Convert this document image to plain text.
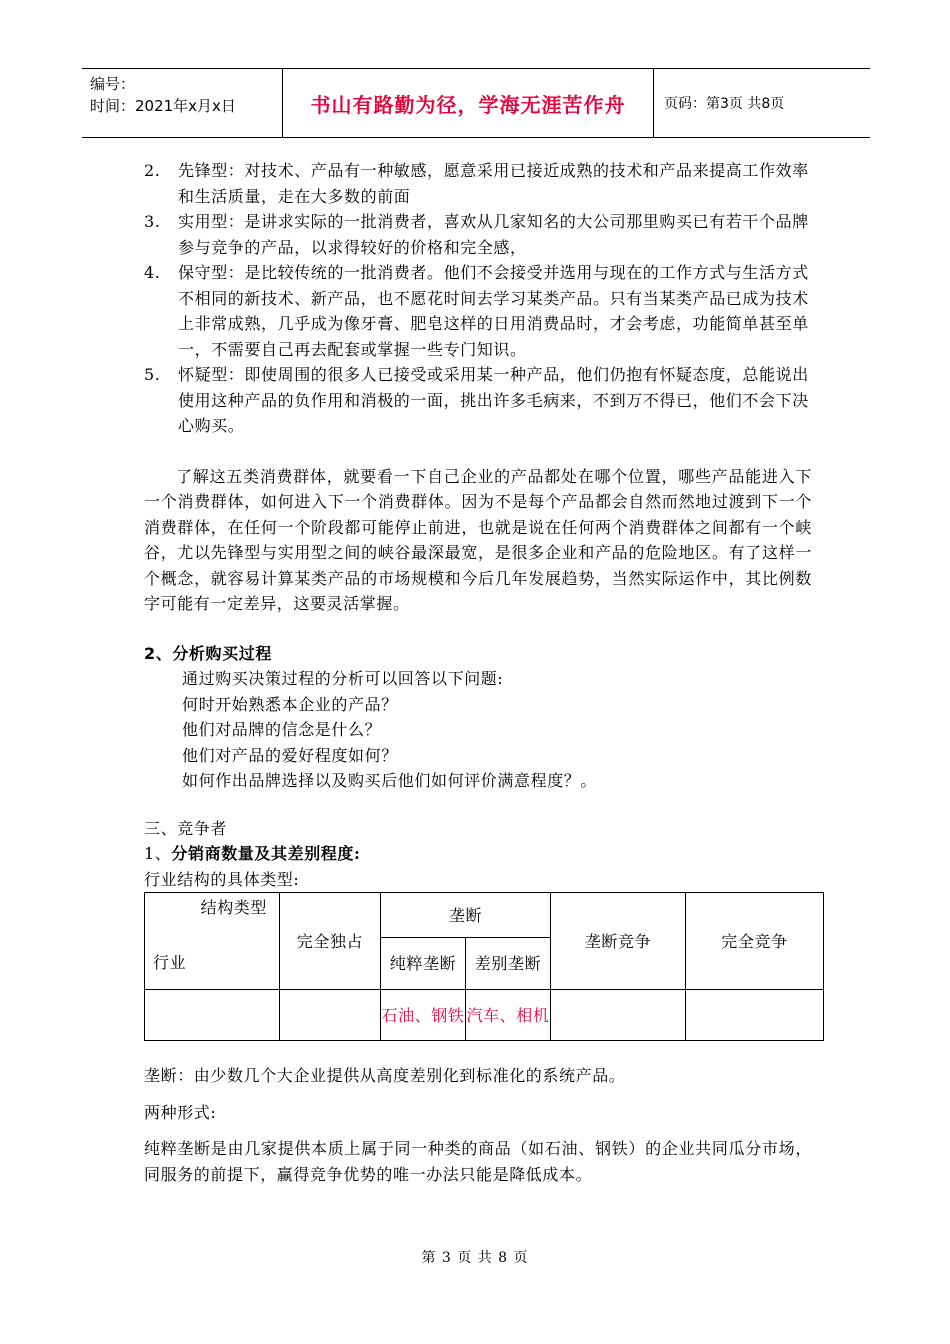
编号：
时间：2021年x月x日	书山有路勤为径，学海无涯苦作舟	页码：第3页 共8页
2.	先锋型：对技术、产品有一种敏感，愿意采用已接近成熟的技术和产品来提高工作效率和生活质量，走在大多数的前面
3.	实用型：是讲求实际的一批消费者，喜欢从几家知名的大公司那里购买已有若干个品牌参与竞争的产品，以求得较好的价格和完全感，
4.	保守型：是比较传统的一批消费者。他们不会接受并选用与现在的工作方式与生活方式不相同的新技术、新产品，也不愿花时间去学习某类产品。只有当某类产品已成为技术上非常成熟，几乎成为像牙膏、肥皂这样的日用消费品时，才会考虑，功能简单甚至单一，不需要自己再去配套或掌握一些专门知识。
5.	怀疑型：即使周围的很多人已接受或采用某一种产品，他们仍抱有怀疑态度，总能说出使用这种产品的负作用和消极的一面，挑出许多毛病来，不到万不得已，他们不会下决心购买。
了解这五类消费群体，就要看一下自己企业的产品都处在哪个位置，哪些产品能进入下一个消费群体，如何进入下一个消费群体。因为不是每个产品都会自然而然地过渡到下一个消费群体，在任何一个阶段都可能停止前进，也就是说在任何两个消费群体之间都有一个峡谷，尤以先锋型与实用型之间的峡谷最深最宽，是很多企业和产品的危险地区。有了这样一个概念，就容易计算某类产品的市场规模和今后几年发展趋势，当然实际运作中，其比例数字可能有一定差异，这要灵活掌握。
2、分析购买过程
通过购买决策过程的分析可以回答以下问题:
何时开始熟悉本企业的产品？
他们对品牌的信念是什么？
他们对产品的爱好程度如何？
如何作出品牌选择以及购买后他们如何评价满意程度？。
三、竞争者
1、分销商数量及其差别程度:
行业结构的具体类型:
结构类型
行业	完全独占	垄断		垄断竞争	完全竞争
		纯粹垄断	差别垄断		
		石油、钢铁	汽车、相机		

垄断：由少数几个大企业提供从高度差别化到标准化的系统产品。

两种形式:

纯粹垄断是由几家提供本质上属于同一种类的商品（如石油、钢铁）的企业共同瓜分市场，同服务的前提下，赢得竞争优势的唯一办法只能是降低成本。

第 3 页 共 8 页
